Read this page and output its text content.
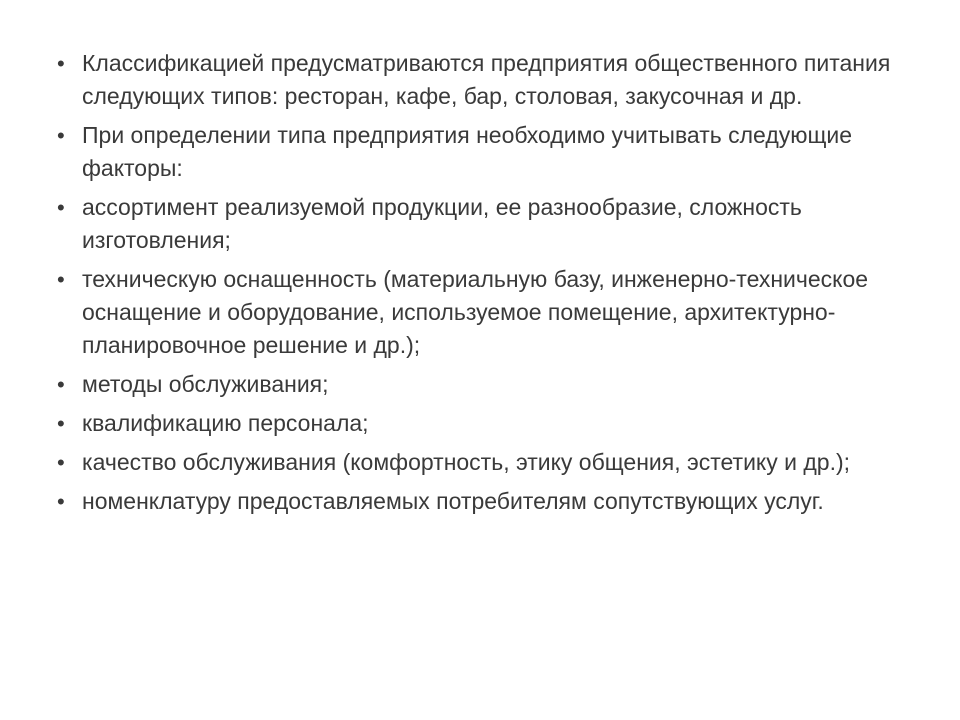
• Классификацией предусматриваются предприятия общественного питания следующих типов: ресторан, кафе, бар, столовая, закусочная и др.
• При определении типа предприятия необходимо учитывать следующие факторы:
• ассортимент реализуемой продукции, ее разнообразие, сложность изготовления;
• техническую оснащенность (материальную базу, инженерно-техническое оснащение и оборудование, используемое помещение, архитектурно-планировочное решение и др.);
• методы обслуживания;
• квалификацию персонала;
• качество обслуживания (комфортность, этику общения, эстетику и др.);
• номенклатуру предоставляемых потребителям сопутствующих услуг.
